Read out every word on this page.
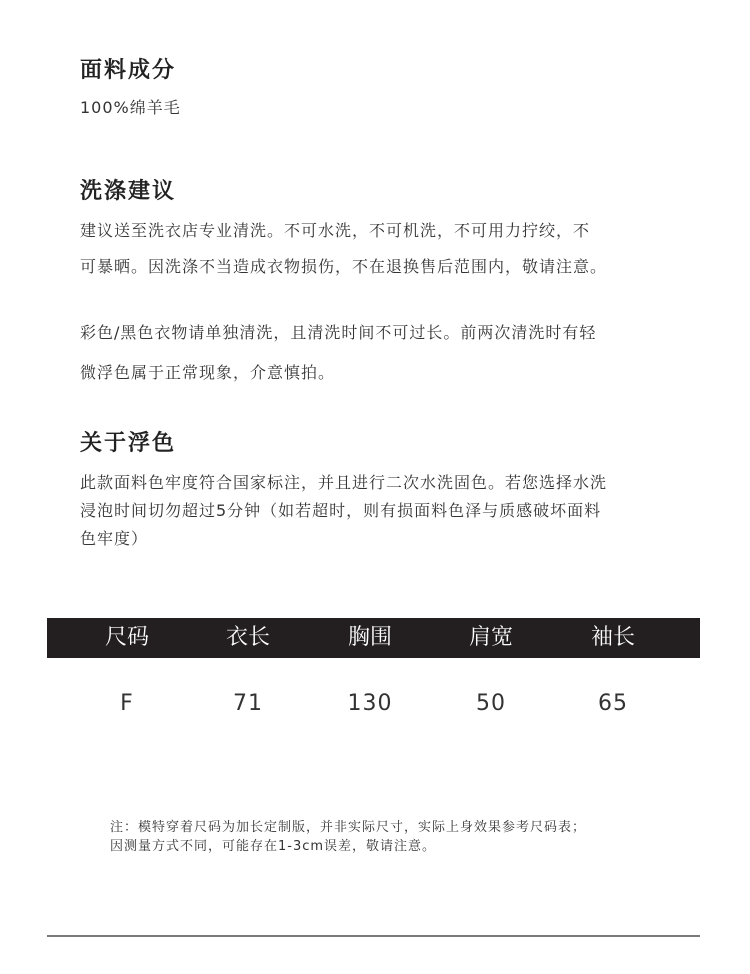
面料成分

100%绵羊毛

洗涤建议

建议送至洗衣店专业清洗。不可水洗，不可机洗，不可用力拧绞，不

可暴晒。因洗涤不当造成衣物损伤，不在退换售后范围内，敬请注意。

彩色/黑色衣物请单独清洗，且清洗时间不可过长。前两次清洗时有轻

微浮色属于正常现象，介意慎拍。

关于浮色

此款面料色牢度符合国家标注，并且进行二次水洗固色。若您选择水洗

浸泡时间切勿超过5分钟（如若超时，则有损面料色泽与质感破坏面料

色牢度）

尺码	衣长	胸围	肩宽	袖长
F	71	130	50	65
注：模特穿着尺码为加长定制版，并非实际尺寸，实际上身效果参考尺码表；
因测量方式不同，可能存在1-3cm误差，敬请注意。
